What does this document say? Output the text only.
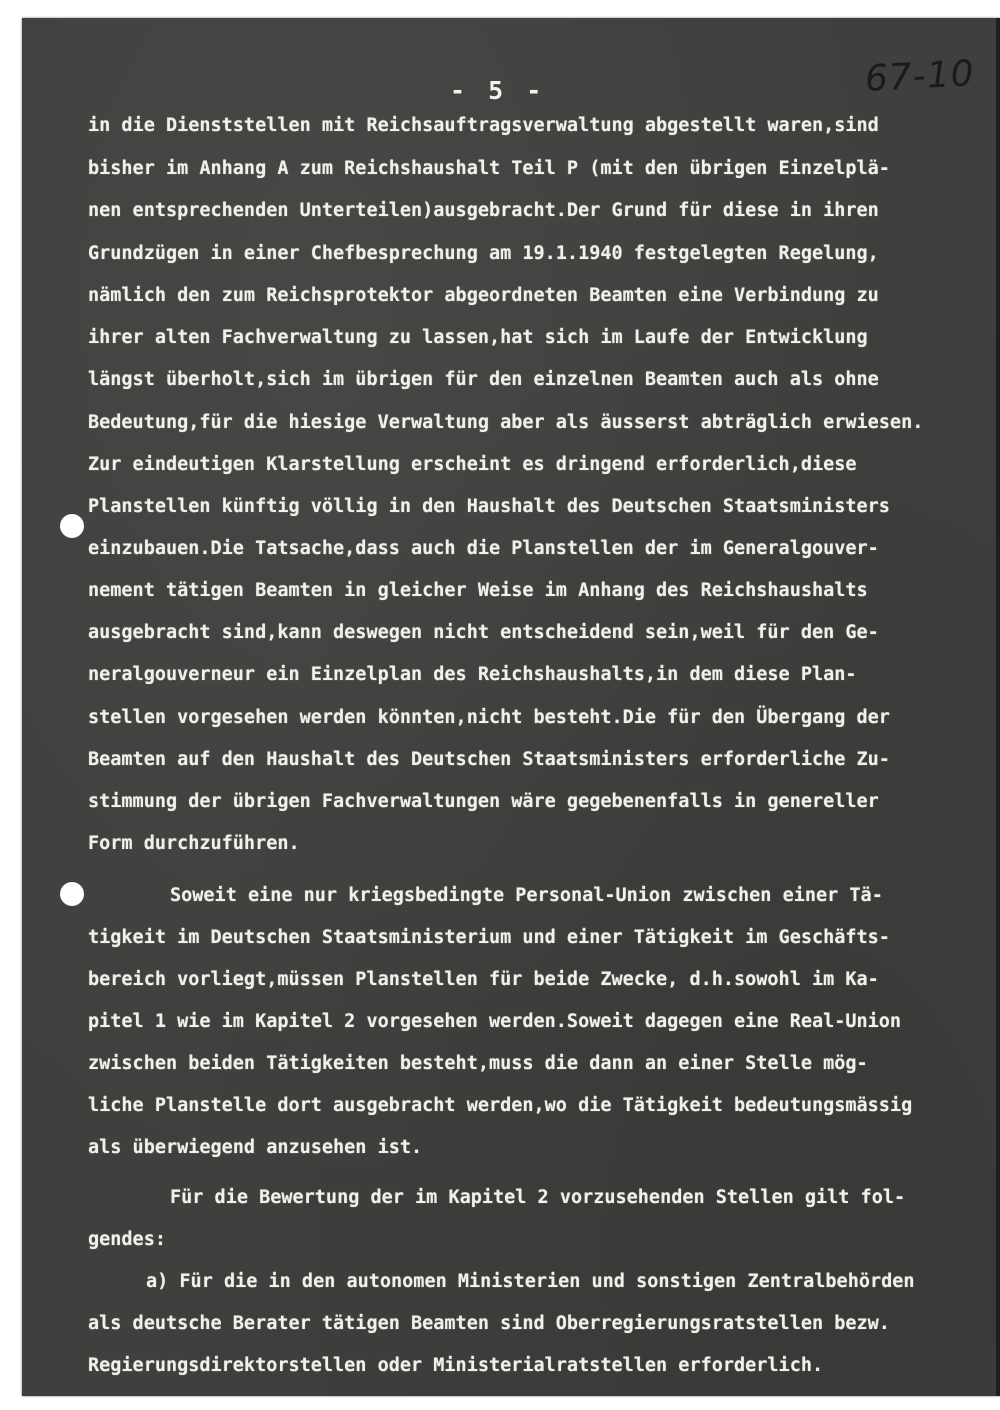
67-10
- 5 -
in die Dienststellen mit Reichsauftragsverwaltung abgestellt waren,sind
bisher im Anhang A zum Reichshaushalt Teil P (mit den übrigen Einzelplä-
nen entsprechenden Unterteilen)ausgebracht.Der Grund für diese in ihren
Grundzügen in einer Chefbesprechung am 19.1.1940 festgelegten Regelung,
nämlich den zum Reichsprotektor abgeordneten Beamten eine Verbindung zu
ihrer alten Fachverwaltung zu lassen,hat sich im Laufe der Entwicklung
längst überholt,sich im übrigen für den einzelnen Beamten auch als ohne
Bedeutung,für die hiesige Verwaltung aber als äusserst abträglich erwiesen.
Zur eindeutigen Klarstellung erscheint es dringend erforderlich,diese
Planstellen künftig völlig in den Haushalt des Deutschen Staatsministers
einzubauen.Die Tatsache,dass auch die Planstellen der im Generalgouver-
nement tätigen Beamten in gleicher Weise im Anhang des Reichshaushalts
ausgebracht sind,kann deswegen nicht entscheidend sein,weil für den Ge-
neralgouverneur ein Einzelplan des Reichshaushalts,in dem diese Plan-
stellen vorgesehen werden könnten,nicht besteht.Die für den Übergang der
Beamten auf den Haushalt des Deutschen Staatsministers erforderliche Zu-
stimmung der übrigen Fachverwaltungen wäre gegebenenfalls in genereller
Form durchzuführen.
Soweit eine nur kriegsbedingte Personal-Union zwischen einer Tä-
tigkeit im Deutschen Staatsministerium und einer Tätigkeit im Geschäfts-
bereich vorliegt,müssen Planstellen für beide Zwecke, d.h.sowohl im Ka-
pitel 1 wie im Kapitel 2 vorgesehen werden.Soweit dagegen eine Real-Union
zwischen beiden Tätigkeiten besteht,muss die dann an einer Stelle mög-
liche Planstelle dort ausgebracht werden,wo die Tätigkeit bedeutungsmässig
als überwiegend anzusehen ist.
Für die Bewertung der im Kapitel 2 vorzusehenden Stellen gilt fol-
gendes:
a) Für die in den autonomen Ministerien und sonstigen Zentralbehörden
als deutsche Berater tätigen Beamten sind Oberregierungsratstellen bezw.
Regierungsdirektorstellen oder Ministerialratstellen erforderlich.
